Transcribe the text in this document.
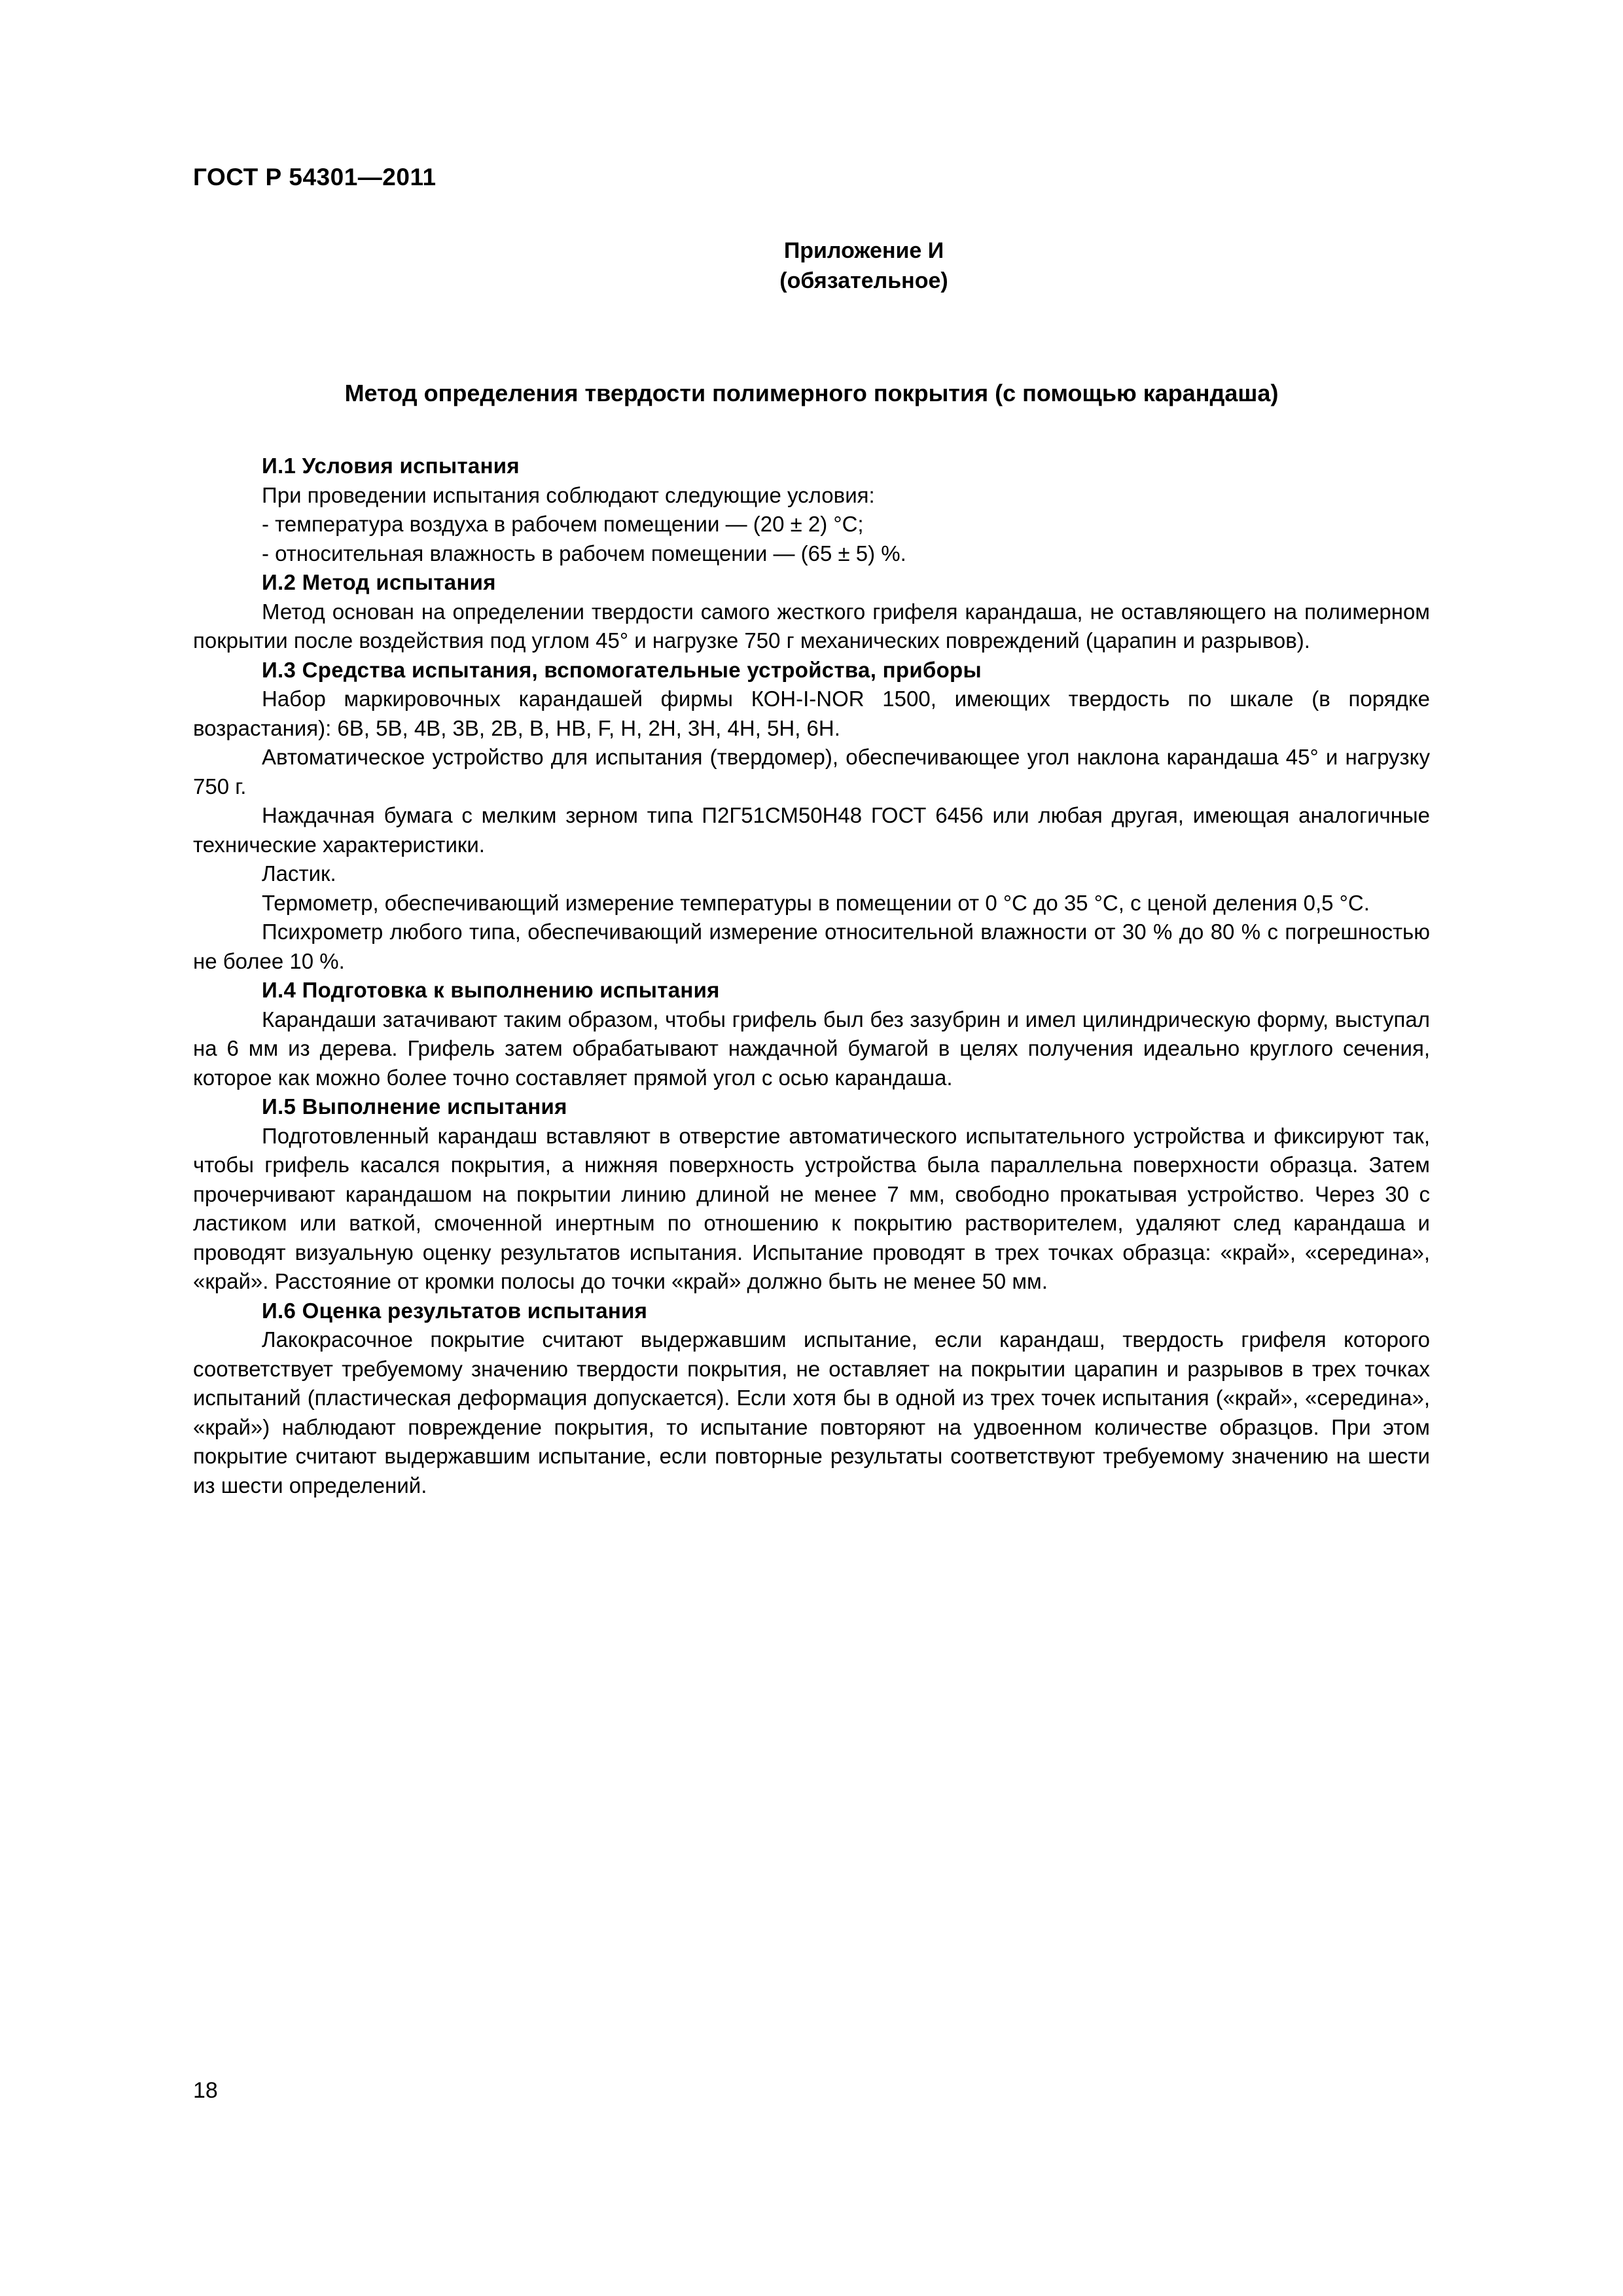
ГОСТ Р 54301—2011
Приложение И
(обязательное)
Метод определения твердости полимерного покрытия (с помощью карандаша)
И.1 Условия испытания
При проведении испытания соблюдают следующие условия:
- температура воздуха в рабочем помещении — (20 ± 2) °С;
- относительная влажность в рабочем помещении — (65 ± 5) %.
И.2 Метод испытания
Метод основан на определении твердости самого жесткого грифеля карандаша, не оставляющего на полимерном покрытии после воздействия под углом 45° и нагрузке 750 г механических повреждений (царапин и разрывов).
И.3 Средства испытания, вспомогательные устройства, приборы
Набор маркировочных карандашей фирмы КОН-I-NOR 1500, имеющих твердость по шкале (в порядке возрастания): 6В, 5В, 4В, 3В, 2В, В, НВ, F, Н, 2Н, 3Н, 4Н, 5Н, 6Н.
Автоматическое устройство для испытания (твердомер), обеспечивающее угол наклона карандаша 45° и нагрузку 750 г.
Наждачная бумага с мелким зерном типа П2Г51СМ50Н48 ГОСТ 6456 или любая другая, имеющая аналогичные технические характеристики.
Ластик.
Термометр, обеспечивающий измерение температуры в помещении от 0 °С до 35 °С, с ценой деления 0,5 °С.
Психрометр любого типа, обеспечивающий измерение относительной влажности от 30 % до 80 % с погрешностью не более 10 %.
И.4 Подготовка к выполнению испытания
Карандаши затачивают таким образом, чтобы грифель был без зазубрин и имел цилиндрическую форму, выступал на 6 мм из дерева. Грифель затем обрабатывают наждачной бумагой в целях получения идеально круглого сечения, которое как можно более точно составляет прямой угол с осью карандаша.
И.5 Выполнение испытания
Подготовленный карандаш вставляют в отверстие автоматического испытательного устройства и фиксируют так, чтобы грифель касался покрытия, а нижняя поверхность устройства была параллельна поверхности образца. Затем прочерчивают карандашом на покрытии линию длиной не менее 7 мм, свободно прокатывая устройство. Через 30 с ластиком или ваткой, смоченной инертным по отношению к покрытию растворителем, удаляют след карандаша и проводят визуальную оценку результатов испытания. Испытание проводят в трех точках образца: «край», «середина», «край». Расстояние от кромки полосы до точки «край» должно быть не менее 50 мм.
И.6 Оценка результатов испытания
Лакокрасочное покрытие считают выдержавшим испытание, если карандаш, твердость грифеля которого соответствует требуемому значению твердости покрытия, не оставляет на покрытии царапин и разрывов в трех точках испытаний (пластическая деформация допускается). Если хотя бы в одной из трех точек испытания («край», «середина», «край») наблюдают повреждение покрытия, то испытание повторяют на удвоенном количестве образцов. При этом покрытие считают выдержавшим испытание, если повторные результаты соответствуют требуемому значению на шести из шести определений.
18
